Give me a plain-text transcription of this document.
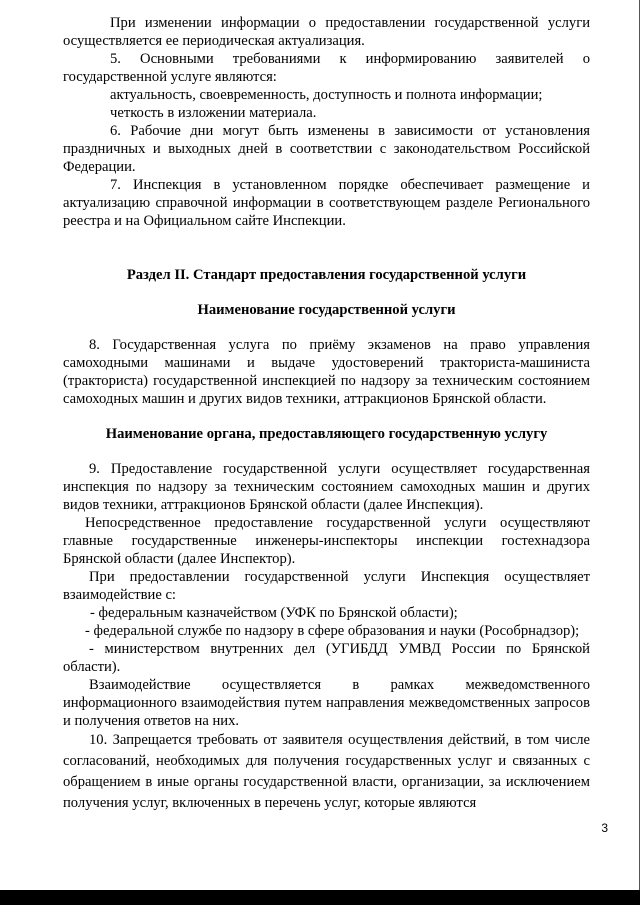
При изменении информации о предоставлении государственной услуги осуществляется ее периодическая актуализация.

5. Основными требованиями к информированию заявителей о государственной услуге являются:

актуальность, своевременность, доступность и полнота информации;

четкость в изложении материала.

6. Рабочие дни могут быть изменены в зависимости от установления праздничных и выходных дней в соответствии с законодательством Российской Федерации.

7. Инспекция в установленном порядке обеспечивает размещение и актуализацию справочной информации в соответствующем разделе Регионального реестра и на Официальном сайте Инспекции.

Раздел II. Стандарт предоставления государственной услуги

Наименование государственной услуги

8. Государственная услуга по приёму экзаменов на право управления самоходными машинами и выдаче удостоверений тракториста-машиниста (тракториста) государственной инспекцией по надзору за техническим состоянием самоходных машин и других видов техники, аттракционов Брянской области.

Наименование органа, предоставляющего государственную услугу

9. Предоставление государственной услуги осуществляет государственная инспекция по надзору за техническим состоянием самоходных машин и других видов техники, аттракционов Брянской области (далее Инспекция).

Непосредственное предоставление государственной услуги осуществляют главные государственные инженеры-инспекторы инспекции гостехнадзора Брянской области (далее Инспектор).

При предоставлении государственной услуги Инспекция осуществляет взаимодействие с:

- федеральным казначейством (УФК по Брянской области);

- федеральной службе по надзору в сфере образования и науки (Рособрнадзор);

- министерством внутренних дел (УГИБДД УМВД России по Брянской области).

Взаимодействие осуществляется в рамках межведомственного информационного взаимодействия путем направления межведомственных запросов и получения ответов на них.

10. Запрещается требовать от заявителя осуществления действий, в том числе согласований, необходимых для получения государственных услуг и связанных с обращением в иные органы государственной власти, организации, за исключением получения услуг, включенных в перечень услуг, которые являются

3
